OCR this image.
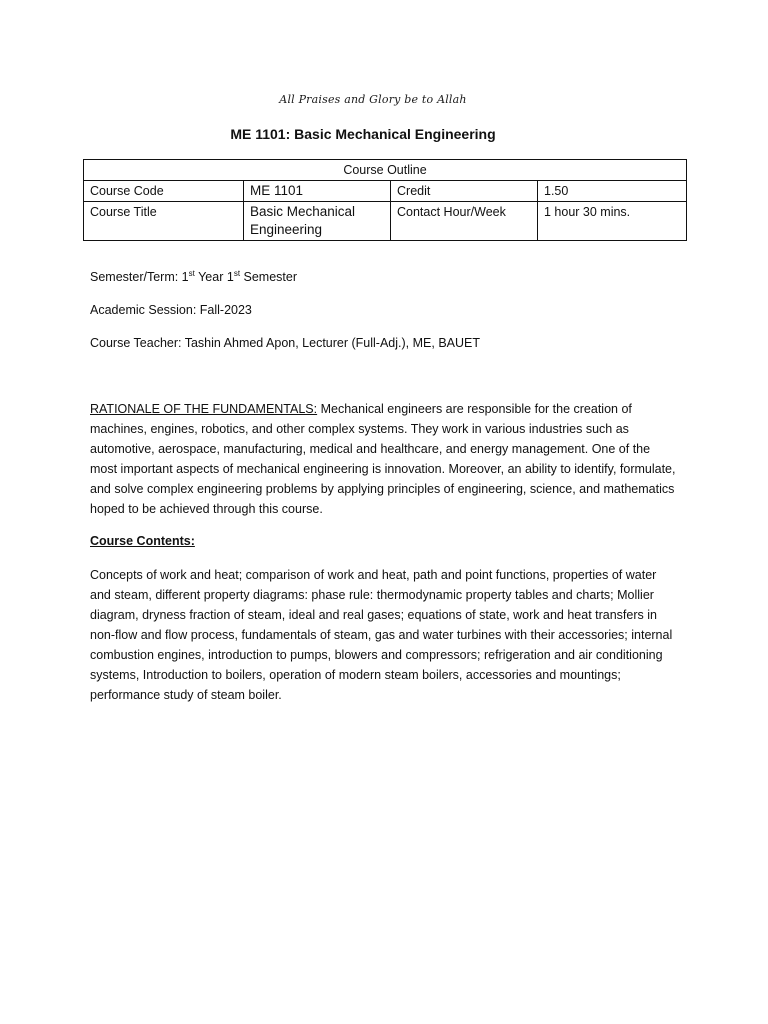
All Praises and Glory be to Allah
ME 1101: Basic Mechanical Engineering
Course Outline			
Course Code	ME 1101	Credit	1.50
Course Title	Basic Mechanical Engineering	Contact Hour/Week	1 hour 30 mins.
Semester/Term: 1st Year 1st Semester
Academic Session: Fall-2023
Course Teacher: Tashin Ahmed Apon, Lecturer (Full-Adj.), ME, BAUET
RATIONALE OF THE FUNDAMENTALS: Mechanical engineers are responsible for the creation of machines, engines, robotics, and other complex systems. They work in various industries such as automotive, aerospace, manufacturing, medical and healthcare, and energy management. One of the most important aspects of mechanical engineering is innovation. Moreover, an ability to identify, formulate, and solve complex engineering problems by applying principles of engineering, science, and mathematics hoped to be achieved through this course.
Course Contents:
Concepts of work and heat; comparison of work and heat, path and point functions, properties of water and steam, different property diagrams: phase rule: thermodynamic property tables and charts; Mollier diagram, dryness fraction of steam, ideal and real gases; equations of state, work and heat transfers in non-flow and flow process, fundamentals of steam, gas and water turbines with their accessories; internal combustion engines, introduction to pumps, blowers and compressors; refrigeration and air conditioning systems, Introduction to boilers, operation of modern steam boilers, accessories and mountings; performance study of steam boiler.
